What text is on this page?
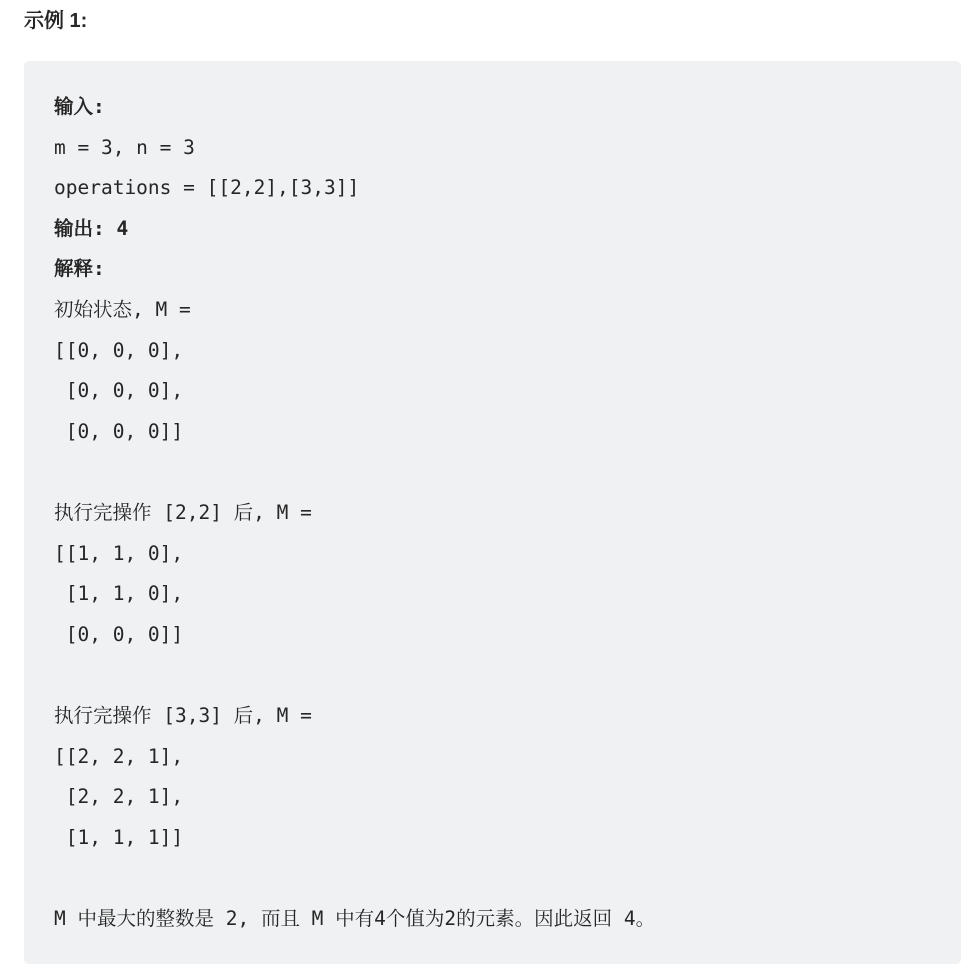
示例 1:
输入:
m = 3, n = 3
operations = [[2,2],[3,3]]
输出: 4
解释:
初始状态, M =
[[0, 0, 0],
[0, 0, 0],
[0, 0, 0]]
执行完操作 [2,2] 后, M =
[[1, 1, 0],
[1, 1, 0],
[0, 0, 0]]
执行完操作 [3,3] 后, M =
[[2, 2, 1],
[2, 2, 1],
[1, 1, 1]]
M 中最大的整数是 2, 而且 M 中有4个值为2的元素。因此返回 4。
